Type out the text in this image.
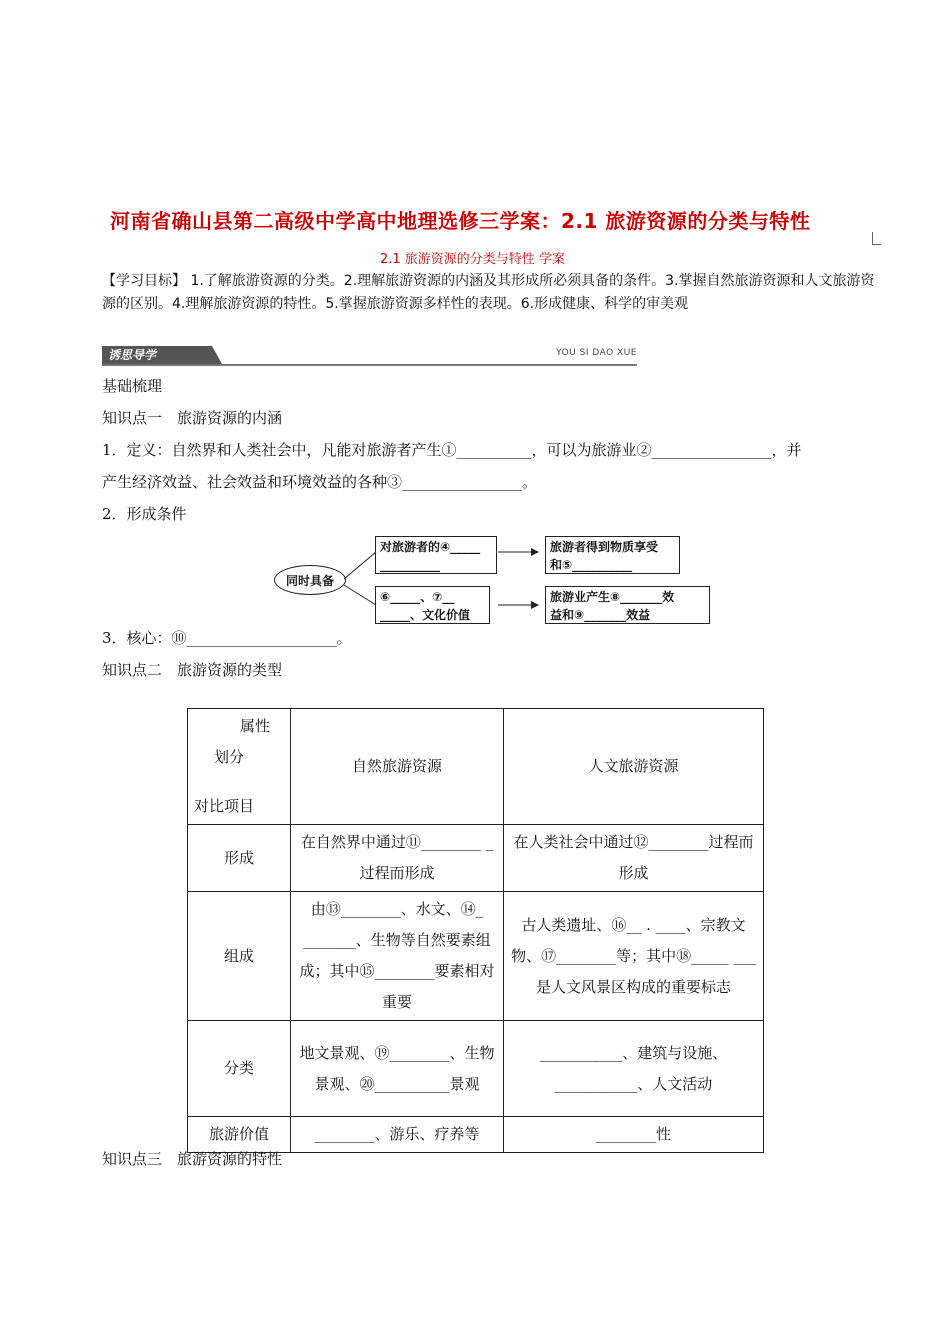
河南省确山县第二高级中学高中地理选修三学案：2.1 旅游资源的分类与特性
2.1 旅游资源的分类与特性 学案
【学习目标】 1.了解旅游资源的分类。2.理解旅游资源的内涵及其形成所必须具备的条件。3.掌握自然旅游资源和人文旅游资源的区别。4.理解旅游资源的特性。5.掌握旅游资源多样性的表现。6.形成健康、科学的审美观
诱思导学	YOU SI DAO XUE
基础梳理
知识点一　旅游资源的内涵
1．定义：自然界和人类社会中，凡能对旅游者产生①__________，可以为旅游业②________________，并
产生经济效益、社会效益和环境效益的各种③________________。
2．形成条件
同时具备
对旅游者的④_____
__________
旅游者得到物质享受
和⑤__________
⑥_____、⑦__
_____、文化价值
旅游业产生⑧_______效
益和⑨_______效益
3．核心：⑩____________________。
知识点二　旅游资源的类型
属性
划分
对比项目	自然旅游资源	人文旅游资源
形成	在自然界中通过⑪________ _过程而形成	在人类社会中通过⑫________过程而形成
组成	由⑬________、水文、⑭_ _______、生物等自然要素组成；其中⑮________要素相对重要	古人类遗址、⑯__ . ____、宗教文物、⑰________等；其中⑱_____ ___是人文风景区构成的重要标志
分类	地文景观、⑲________、生物景观、⑳__________景观	___________、建筑与设施、___________、人文活动
旅游价值	________、游乐、疗养等	________性
知识点三　旅游资源的特性
